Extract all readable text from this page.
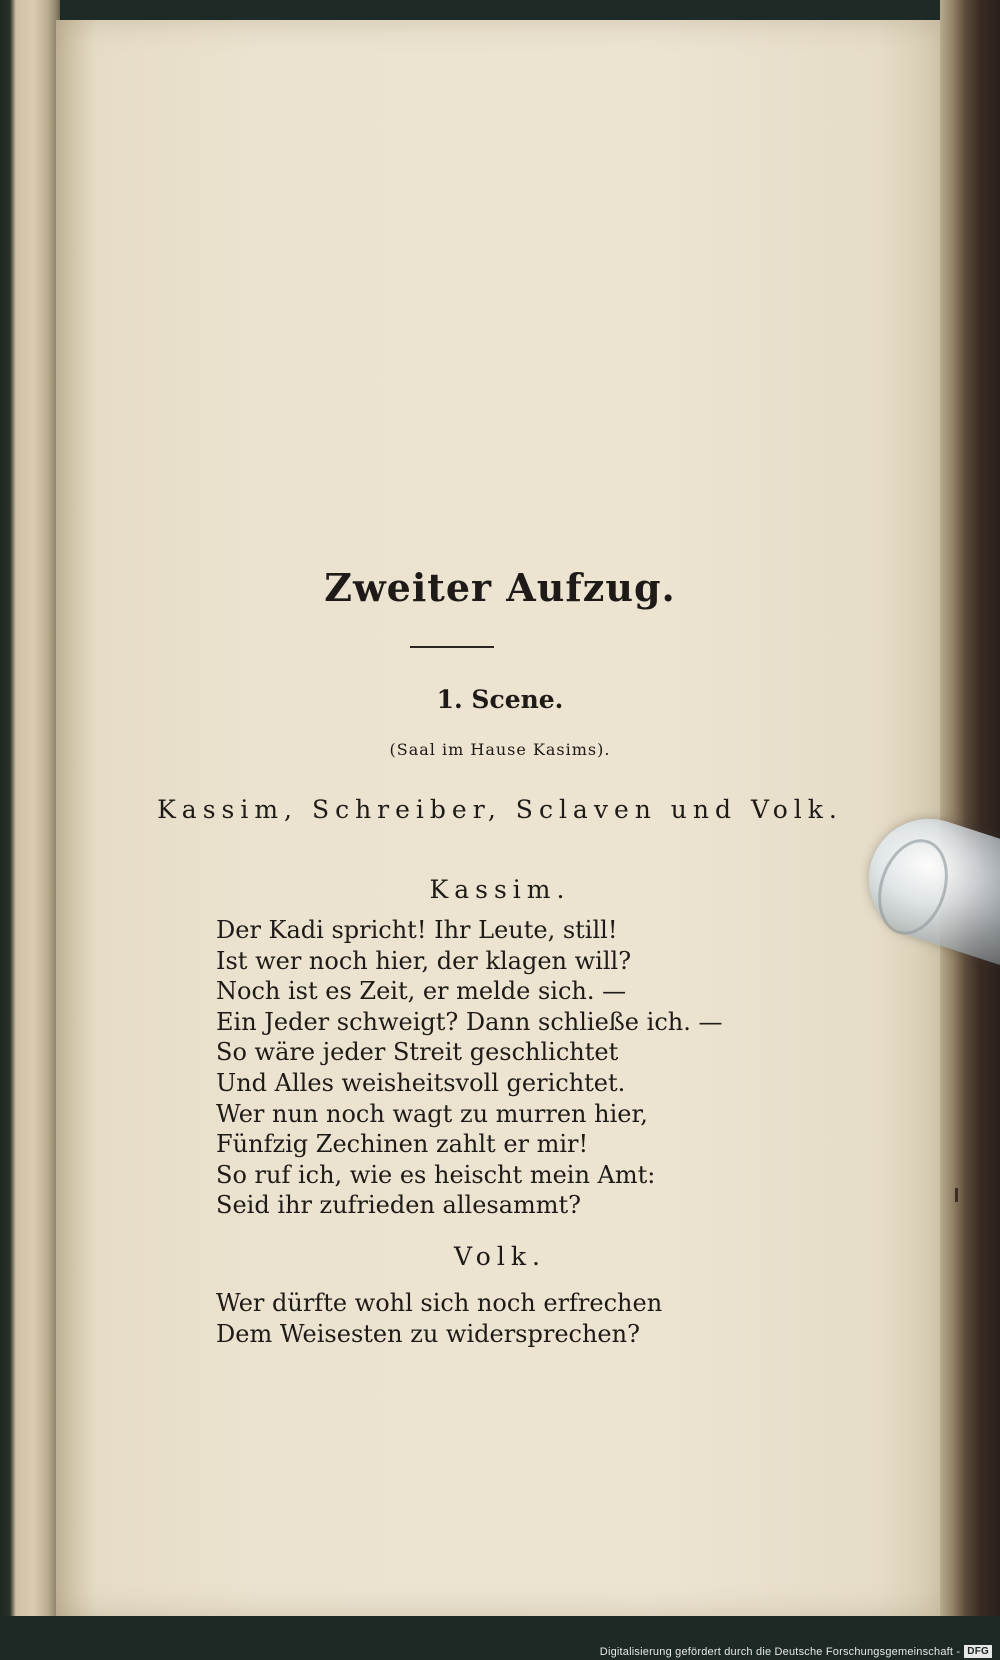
Zweiter Aufzug.
1. Scene.
(Saal im Hause Kasims).
Kassim, Schreiber, Sclaven und Volk.
Kassim.
Der Kadi spricht! Ihr Leute, still!
Ist wer noch hier, der klagen will?
Noch ist es Zeit, er melde sich. —
Ein Jeder schweigt? Dann schließe ich. —
So wäre jeder Streit geschlichtet
Und Alles weisheitsvoll gerichtet.
Wer nun noch wagt zu murren hier,
Fünfzig Zechinen zahlt er mir!
So ruf ich, wie es heischt mein Amt:
Seid ihr zufrieden allesammt?
Volk.
Wer dürfte wohl sich noch erfrechen
Dem Weisesten zu widersprechen?
Digitalisierung gefördert durch die Deutsche Forschungsgemeinschaft - DFG
